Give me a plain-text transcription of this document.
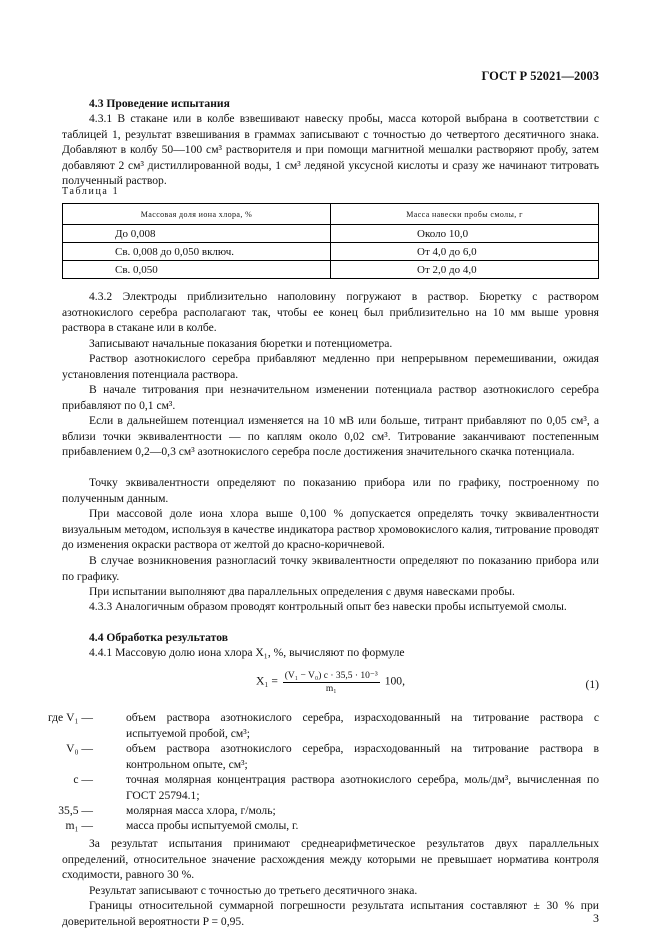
ГОСТ Р 52021—2003
4.3 Проведение испытания
4.3.1 В стакане или в колбе взвешивают навеску пробы, масса которой выбрана в соответствии с таблицей 1, результат взвешивания в граммах записывают с точностью до четвертого десятичного знака. Добавляют в колбу 50—100 см³ растворителя и при помощи магнитной мешалки растворяют пробу, затем добавляют 2 см³ дистиллированной воды, 1 см³ ледяной уксусной кислоты и сразу же начинают титровать полученный раствор.
Таблица 1
Массовая доля иона хлора, %	Масса навески пробы смолы, г
До 0,008	Около 10,0
Св. 0,008 до 0,050 включ.	От 4,0 до 6,0
Св. 0,050	От 2,0 до 4,0
4.3.2 Электроды приблизительно наполовину погружают в раствор. Бюретку с раствором азотнокислого серебра располагают так, чтобы ее конец был приблизительно на 10 мм выше уровня раствора в стакане или в колбе.
Записывают начальные показания бюретки и потенциометра.
Раствор азотнокислого серебра прибавляют медленно при непрерывном перемешивании, ожидая установления потенциала раствора.
В начале титрования при незначительном изменении потенциала раствор азотнокислого серебра прибавляют по 0,1 см³.
Если в дальнейшем потенциал изменяется на 10 мВ или больше, титрант прибавляют по 0,05 см³, а вблизи точки эквивалентности — по каплям около 0,02 см³. Титрование заканчивают постепенным прибавлением 0,2—0,3 см³ азотнокислого серебра после достижения значительного скачка потенциала.
Точку эквивалентности определяют по показанию прибора или по графику, построенному по полученным данным.
При массовой доле иона хлора выше 0,100 % допускается определять точку эквивалентности визуальным методом, используя в качестве индикатора раствор хромовокислого калия, титрование проводят до изменения окраски раствора от желтой до красно-коричневой.
В случае возникновения разногласий точку эквивалентности определяют по показанию прибора или по графику.
При испытании выполняют два параллельных определения с двумя навесками пробы.
4.3.3 Аналогичным образом проводят контрольный опыт без навески пробы испытуемой смолы.
4.4 Обработка результатов
4.4.1 Массовую долю иона хлора X₁, %, вычисляют по формуле
$X_1 = \frac{\text{(V₁ − V₀) c · 35,5 · 10⁻³}}{\text{m₁}} 100$,	(1)
где V₁ —	объем раствора азотнокислого серебра, израсходованный на титрование раствора с испытуемой пробой, см³;
V₀ —	объем раствора азотнокислого серебра, израсходованный на титрование раствора в контрольном опыте, см³;
c —	точная молярная концентрация раствора азотнокислого серебра, моль/дм³, вычисленная по ГОСТ 25794.1;
35,5 —	молярная масса хлора, г/моль;
m₁ —	масса пробы испытуемой смолы, г.
За результат испытания принимают среднеарифметическое результатов двух параллельных определений, относительное значение расхождения между которыми не превышает норматива контроля сходимости, равного 30 %.
Результат записывают с точностью до третьего десятичного знака.
Границы относительной суммарной погрешности результата испытания составляют ± 30 % при доверительной вероятности P = 0,95.	3
